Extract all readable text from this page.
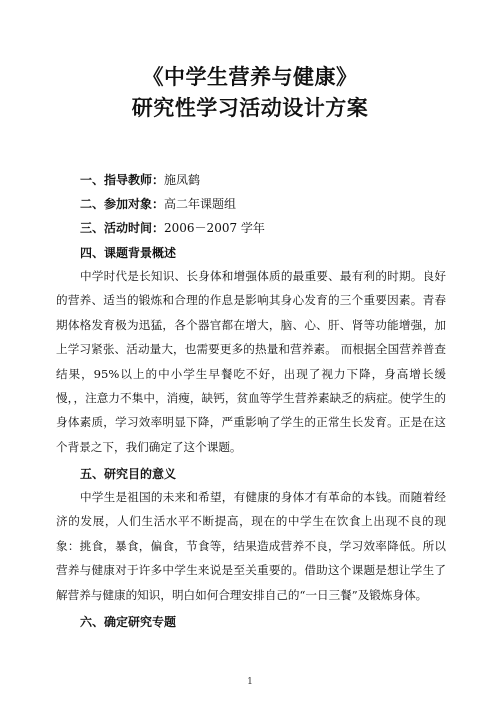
《中学生营养与健康》
研究性学习活动设计方案
一、指导教师：施凤鹤
二、参加对象：高二年课题组
三、活动时间：2006－2007 学年
四、课题背景概述
中学时代是长知识、长身体和增强体质的最重要、最有利的时期。良好的营养、适当的锻炼和合理的作息是影响其身心发育的三个重要因素。青春期体格发育极为迅猛，各个器官都在增大，脑、心、肝、肾等功能增强，加上学习紧张、活动量大，也需要更多的热量和营养素。 而根据全国营养普查结果，95%以上的中小学生早餐吃不好，出现了视力下降，身高增长缓慢，，注意力不集中，消瘦，缺钙，贫血等学生营养素缺乏的病症。使学生的身体素质，学习效率明显下降，严重影响了学生的正常生长发育。正是在这个背景之下，我们确定了这个课题。
五、研究目的意义
中学生是祖国的未来和希望，有健康的身体才有革命的本钱。而随着经济的发展，人们生活水平不断提高，现在的中学生在饮食上出现不良的现象：挑食，暴食，偏食，节食等，结果造成营养不良，学习效率降低。所以营养与健康对于许多中学生来说是至关重要的。借助这个课题是想让学生了解营养与健康的知识，明白如何合理安排自己的“一日三餐”及锻炼身体。
六、确定研究专题
1
